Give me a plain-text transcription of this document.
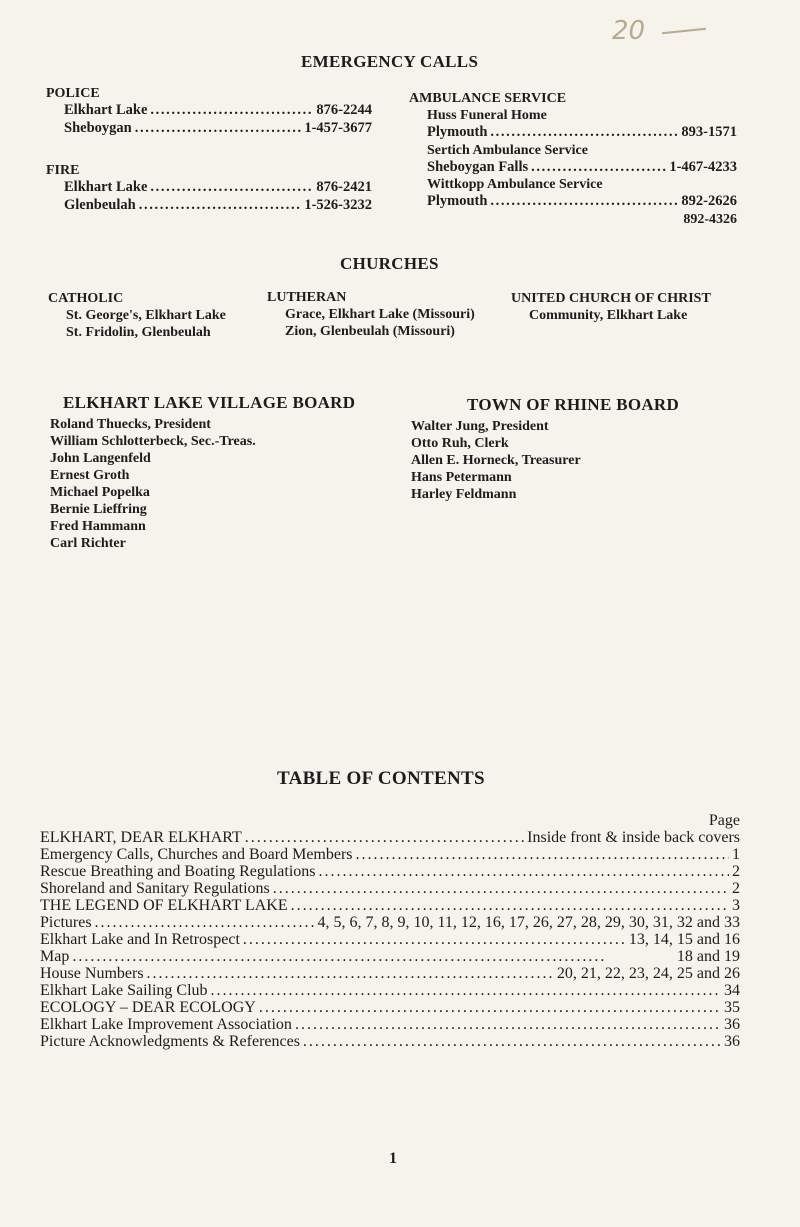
20
EMERGENCY CALLS
POLICE
Elkhart Lake . . .	876-2244
Sheboygan . . .	1-457-3677
FIRE
Elkhart Lake . . .	876-2421
Glenbeulah . . .	1-526-3232
AMBULANCE SERVICE
Huss Funeral Home
Plymouth . . .	893-1571
Sertich Ambulance Service
Sheboygan Falls . . .	1-467-4233
Wittkopp Ambulance Service
Plymouth . . .	892-2626
892-4326
CHURCHES
CATHOLIC
St. George's, Elkhart Lake
St. Fridolin, Glenbeulah
LUTHERAN
Grace, Elkhart Lake (Missouri)
Zion, Glenbeulah (Missouri)
UNITED CHURCH OF CHRIST
Community, Elkhart Lake
ELKHART LAKE VILLAGE BOARD
Roland Thuecks, President
William Schlotterbeck, Sec.-Treas.
John Langenfeld
Ernest Groth
Michael Popelka
Bernie Lieffring
Fred Hammann
Carl Richter
TOWN OF RHINE BOARD
Walter Jung, President
Otto Ruh, Clerk
Allen E. Horneck, Treasurer
Hans Petermann
Harley Feldmann
TABLE OF CONTENTS
Page
ELKHART, DEAR ELKHART . . .	Inside front & inside back covers
Emergency Calls, Churches and Board Members . . .	1
Rescue Breathing and Boating Regulations . . .	2
Shoreland and Sanitary Regulations . . .	2
THE LEGEND OF ELKHART LAKE . . .	3
Pictures . . .	4, 5, 6, 7, 8, 9, 10, 11, 12, 16, 17, 26, 27, 28, 29, 30, 31, 32 and 33
Elkhart Lake and In Retrospect . . .	13, 14, 15 and 16
Map . . .	18 and 19
House Numbers . . .	20, 21, 22, 23, 24, 25 and 26
Elkhart Lake Sailing Club . . .	34
ECOLOGY – DEAR ECOLOGY . . .	35
Elkhart Lake Improvement Association . . .	36
Picture Acknowledgments & References . . .	36
1
